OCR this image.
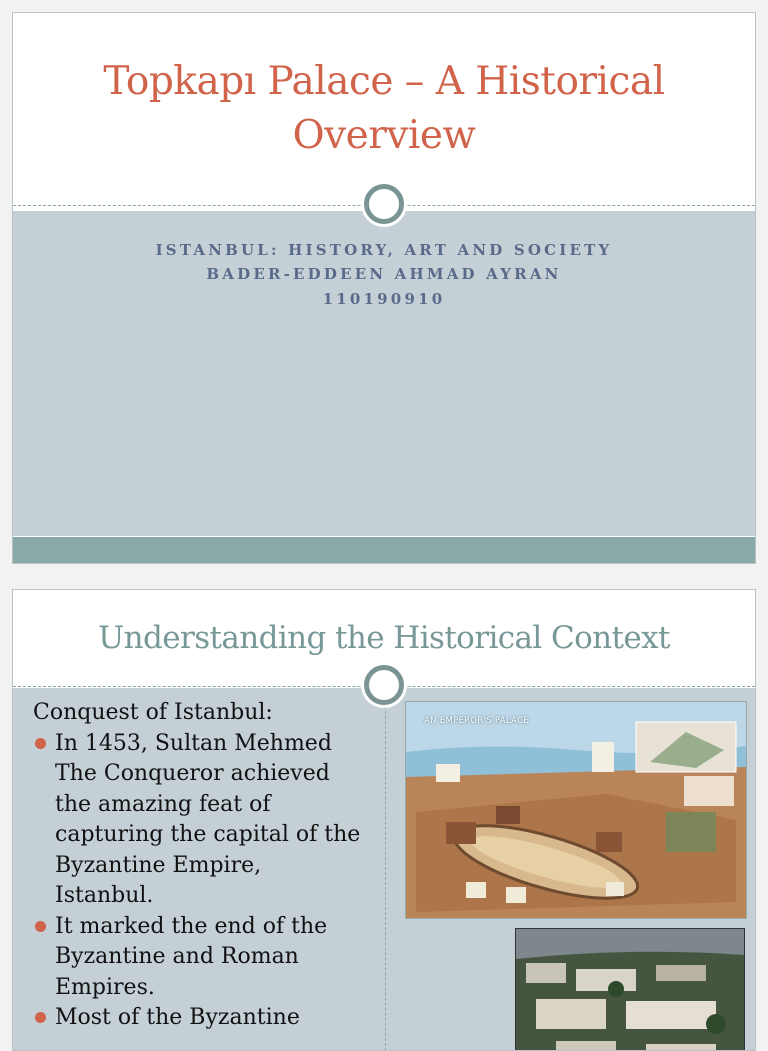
Topkapı Palace – A Historical Overview
ISTANBUL: HISTORY, ART AND SOCIETY
BADER-EDDEEN AHMAD AYRAN
110190910
Understanding the Historical Context

Conquest of Istanbul:

In 1453, Sultan Mehmed The Conqueror achieved the amazing feat of capturing the capital of the Byzantine Empire, Istanbul.
It marked the end of the Byzantine and Roman Empires.
Most of the Byzantine
AN EMPEROR'S PALACE
